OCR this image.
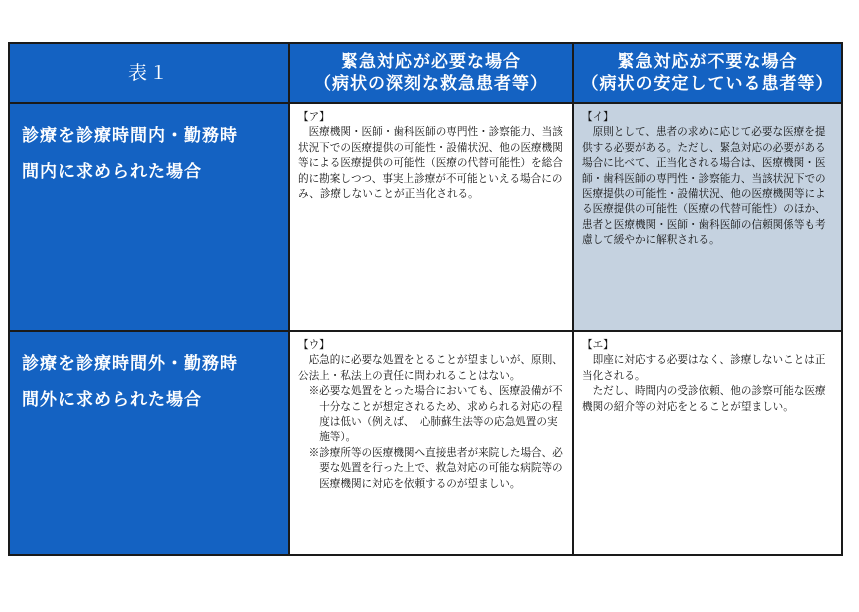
表１	緊急対応が必要な場合
（病状の深刻な救急患者等）
緊急対応が不要な場合
（病状の安定している患者等）
診療を診療時間内・勤務時
間内に求められた場合
【ア】

医療機関・医師・歯科医師の専門性・診察能力、当該状況下での医療提供の可能性・設備状況、他の医療機関等による医療提供の可能性（医療の代替可能性）を総合的に勘案しつつ、事実上診療が不可能といえる場合にのみ、診療しないことが正当化される。

【イ】

原則として、患者の求めに応じて必要な医療を提供する必要がある。ただし、緊急対応の必要がある場合に比べて、正当化される場合は、医療機関・医師・歯科医師の専門性・診察能力、当該状況下での医療提供の可能性・設備状況、他の医療機関等による医療提供の可能性（医療の代替可能性）のほか、患者と医療機関・医師・歯科医師の信頼関係等も考慮して緩やかに解釈される。

診療を診療時間外・勤務時
間外に求められた場合
【ウ】

応急的に必要な処置をとることが望ましいが、原則、公法上・私法上の責任に問われることはない。

※必要な処置をとった場合においても、医療設備が不十分なことが想定されるため、求められる対応の程度は低い（例えば、　心肺蘇生法等の応急処置の実施等）。

※診療所等の医療機関へ直接患者が来院した場合、必要な処置を行った上で、救急対応の可能な病院等の医療機関に対応を依頼するのが望ましい。

【エ】

即座に対応する必要はなく、診療しないことは正当化される。

ただし、時間内の受診依頼、他の診察可能な医療機関の紹介等の対応をとることが望ましい。
